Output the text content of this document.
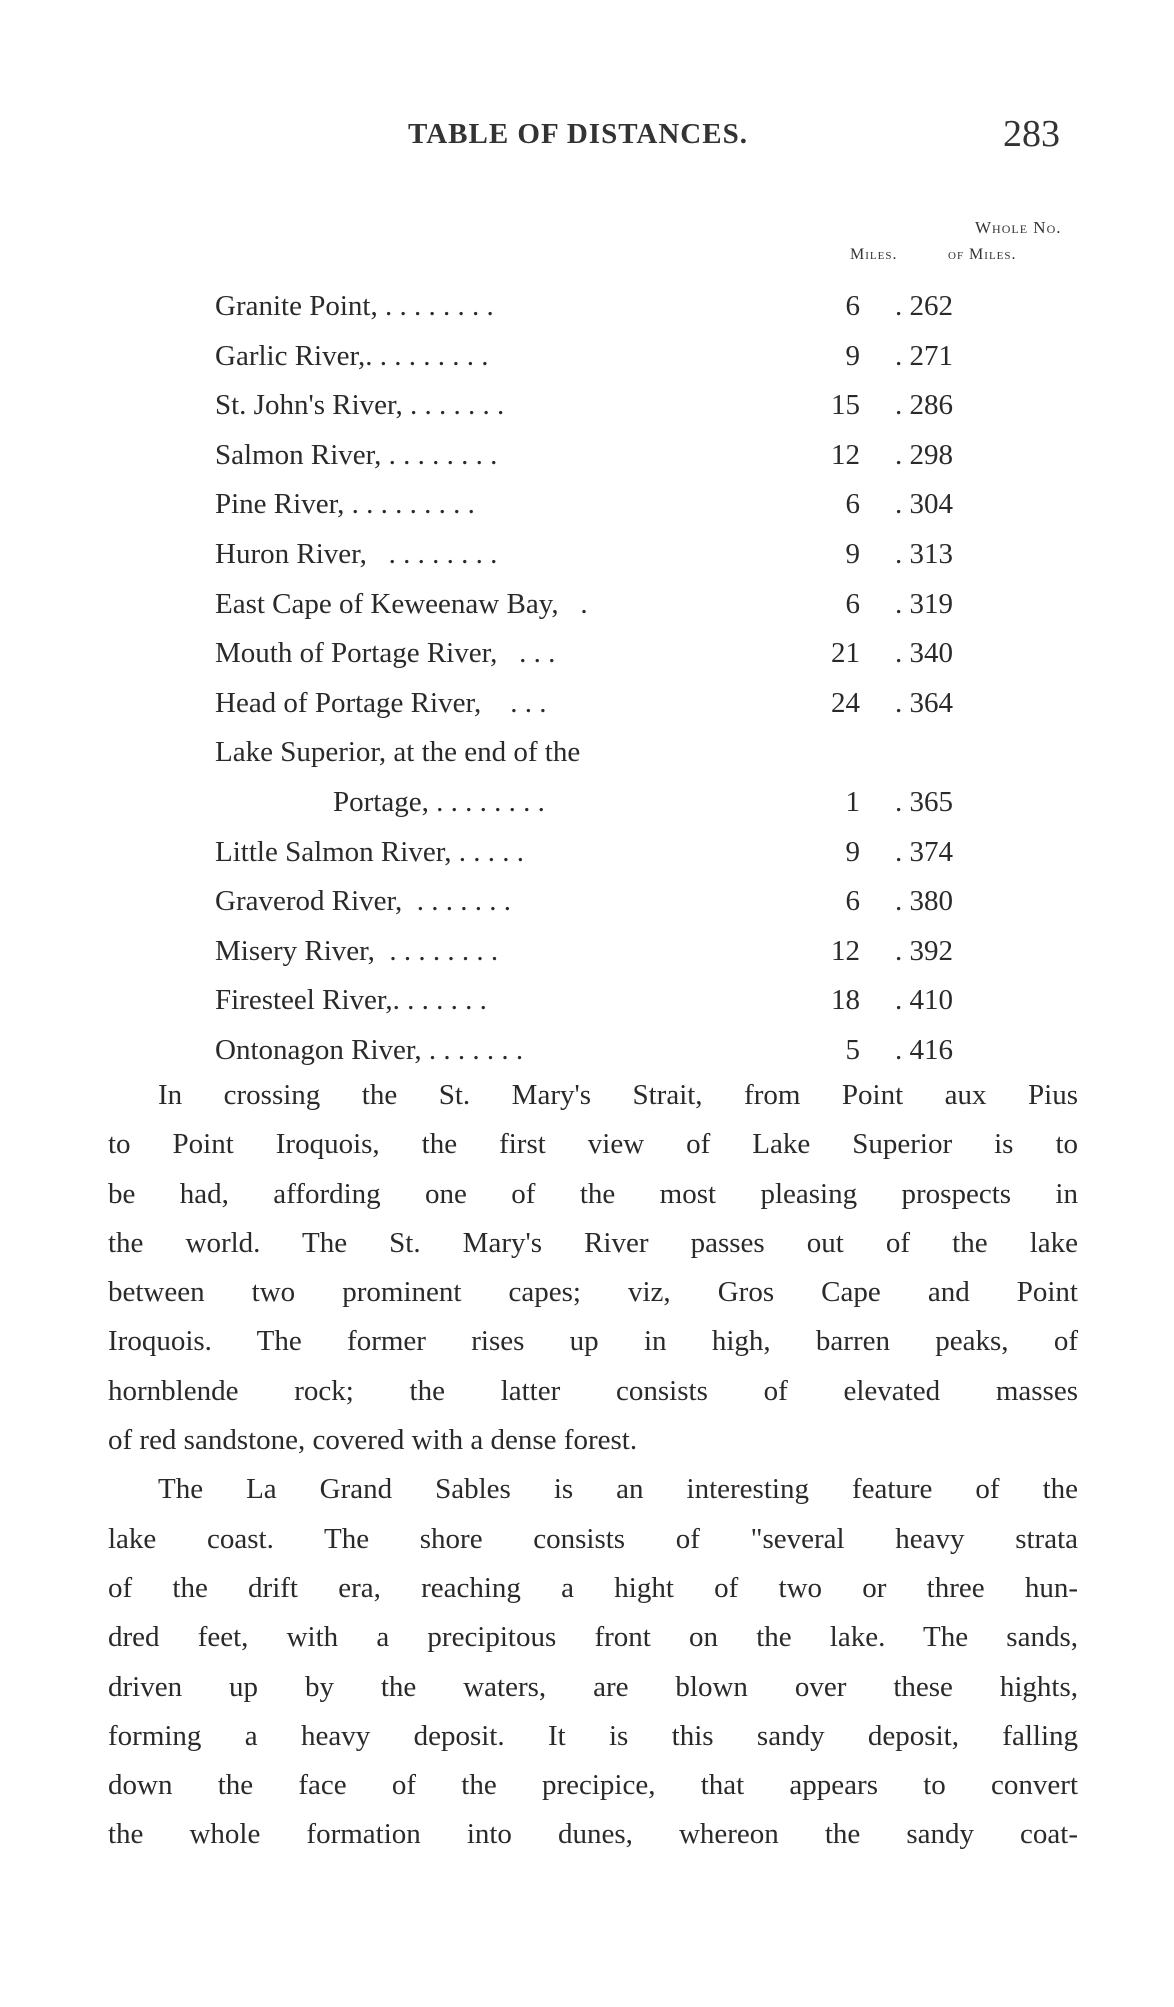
TABLE OF DISTANCES.	283
Whole No.
Miles.	of Miles.
Granite Point, . . . . . . . .	6 . 262
Garlic River,. . . . . . . . .	9 . 271
St. John's River, . . . . . . .	15 . 286
Salmon River, . . . . . . . .	12 . 298
Pine River, . . . . . . . . .	6 . 304
Huron River,   . . . . . . . .	9 . 313
East Cape of Keweenaw Bay,   .	6 . 319
Mouth of Portage River,   . . .	21 . 340
Head of Portage River,    . . .	24 . 364
Lake Superior, at the end of the
Portage, . . . . . . . .	1 . 365
Little Salmon River, . . . . .	9 . 374
Graverod River,  . . . . . . .	6 . 380
Misery River,  . . . . . . . .	12 . 392
Firesteel River,. . . . . . .	18 . 410
Ontonagon River, . . . . . . .	5 . 416
In crossing the St. Mary's Strait, from Point aux Pius
to Point Iroquois, the first view of Lake Superior is to
be had, affording one of the most pleasing prospects in
the world. The St. Mary's River passes out of the lake
between two prominent capes; viz, Gros Cape and Point
Iroquois. The former rises up in high, barren peaks, of
hornblende rock; the latter consists of elevated masses
of red sandstone, covered with a dense forest.
The La Grand Sables is an interesting feature of the
lake coast. The shore consists of "several heavy strata
of the drift era, reaching a hight of two or three hun-
dred feet, with a precipitous front on the lake. The sands,
driven up by the waters, are blown over these hights,
forming a heavy deposit. It is this sandy deposit, falling
down the face of the precipice, that appears to convert
the whole formation into dunes, whereon the sandy coat-
